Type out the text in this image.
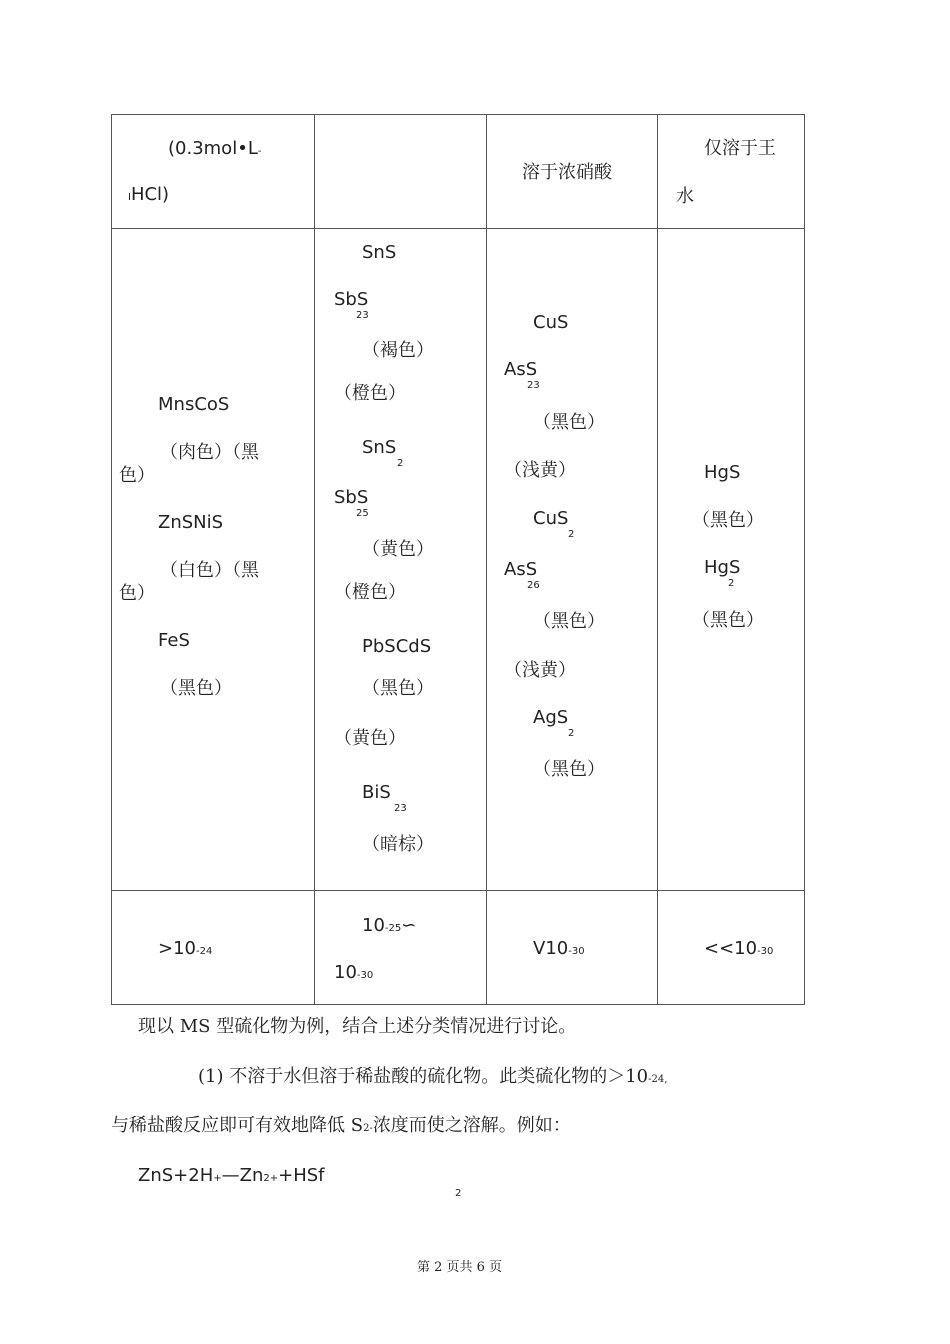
(0.3mol•L-
IHCl)
溶于浓硝酸
仅溶于王
水
MnsCoS
（肉色）（黑
色）
ZnSNiS
（白色）（黑
色）
FeS
（黑色）
SnS
SbS
23
（褐色）
（橙色）
SnS
2
SbS
25
（黄色）
（橙色）
PbSCdS
（黑色）
（黄色）
BiS
23
（暗棕）
CuS
AsS
23
（黑色）
（浅黄）
CuS
2
AsS
26
（黑色）
（浅黄）
AgS
2
（黑色）
HgS
（黑色）
HgS
2
（黑色）
>10-24
10-25∽
10-30
V10-30	<<10-30
现以 MS 型硫化物为例，结合上述分类情况进行讨论。
(1) 不溶于水但溶于稀盐酸的硫化物。此类硫化物的＞10-24,
与稀盐酸反应即可有效地降低 S2-浓度而使之溶解。例如：
ZnS+2H+—Zn2++HSf
2
第 2 页共 6 页
